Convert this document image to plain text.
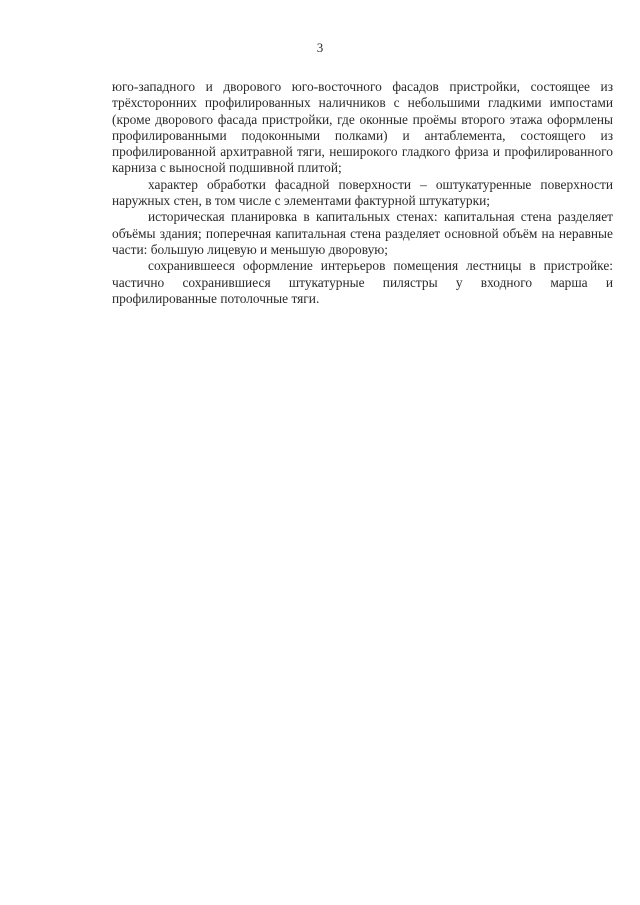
3

юго-западного и дворового юго-восточного фасадов пристройки, состоящее из трёхсторонних профилированных наличников с небольшими гладкими импостами (кроме дворового фасада пристройки, где оконные проёмы второго этажа оформлены профилированными подоконными полками) и антаблемента, состоящего из профилированной архитравной тяги, неширокого гладкого фриза и профилированного карниза с выносной подшивной плитой;

характер обработки фасадной поверхности – оштукатуренные поверхности наружных стен, в том числе с элементами фактурной штукатурки;

историческая планировка в капитальных стенах: капитальная стена разделяет объёмы здания; поперечная капитальная стена разделяет основной объём на неравные части: большую лицевую и меньшую дворовую;

сохранившееся оформление интерьеров помещения лестницы в пристройке: частично сохранившиеся штукатурные пилястры у входного марша и профилированные потолочные тяги.
